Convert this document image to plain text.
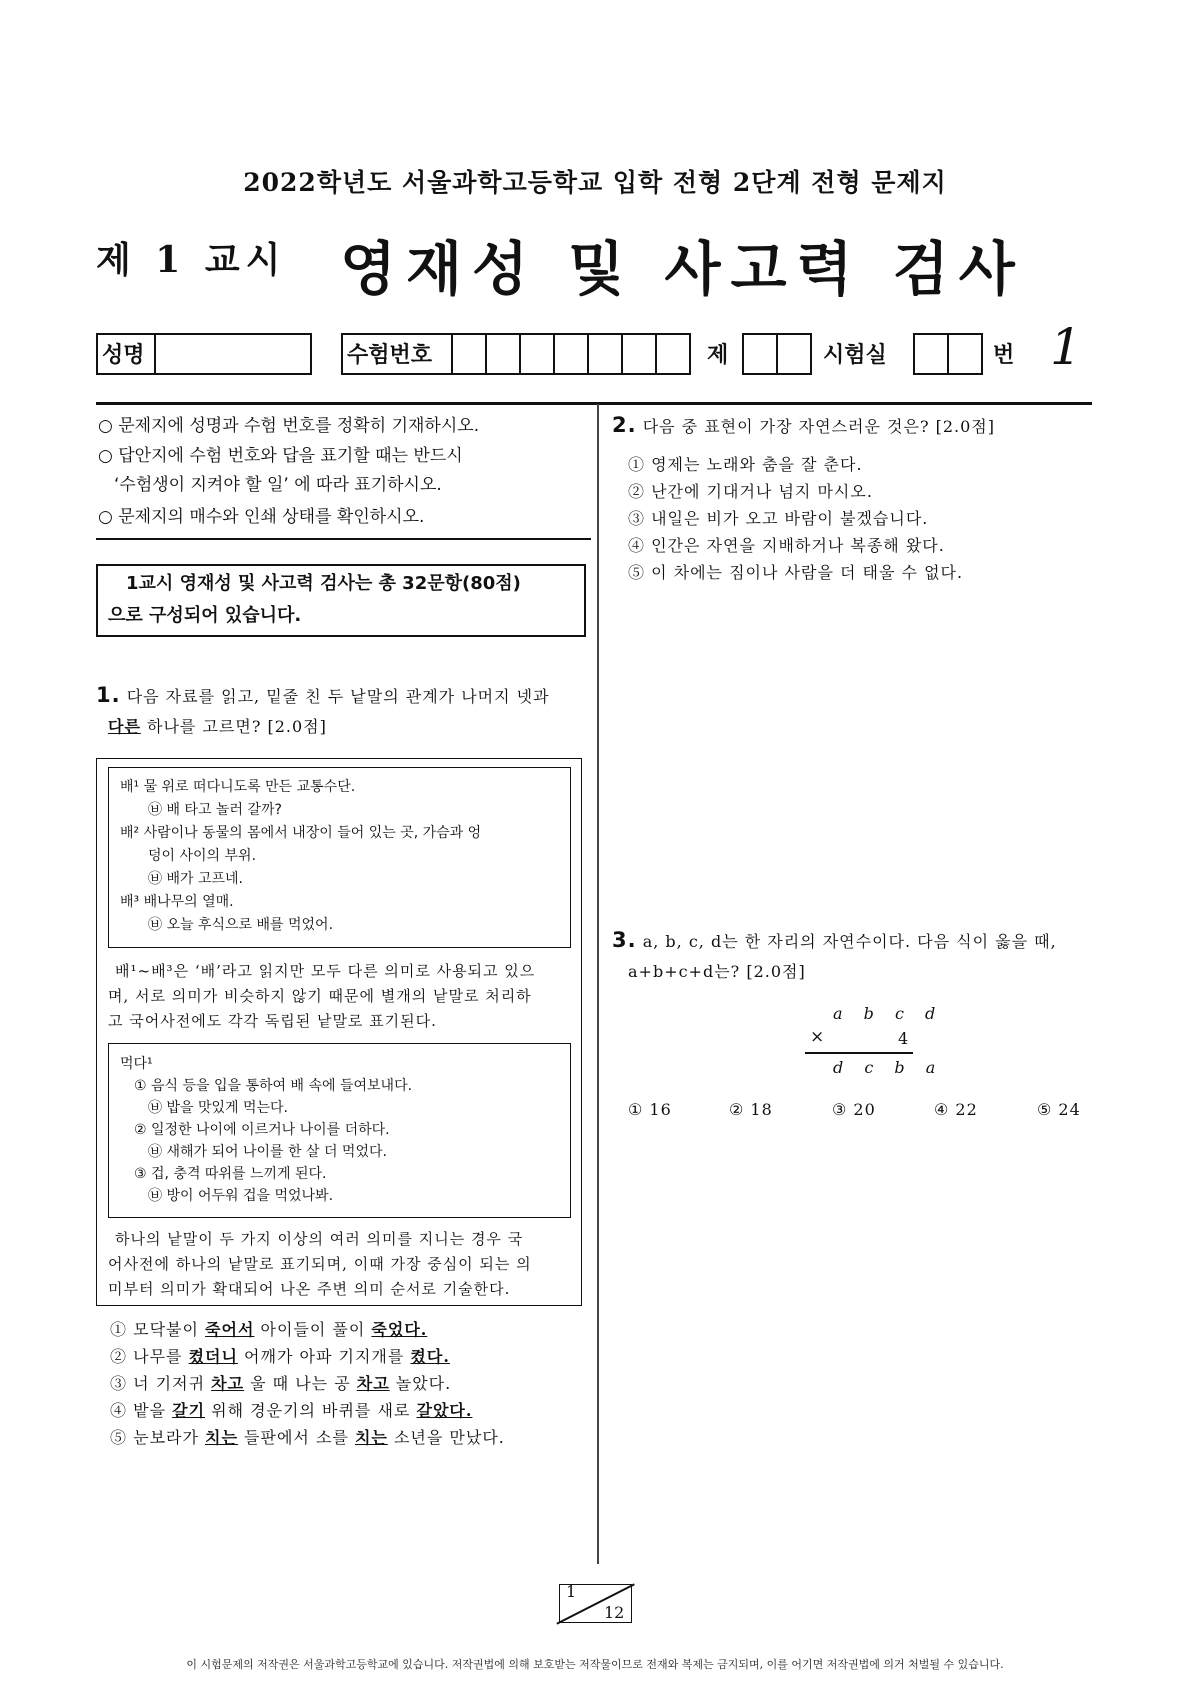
2022학년도 서울과학고등학교 입학 전형 2단계 전형 문제지
제 1 교시 영재성 및 사고력 검사
성명	수험번호	제	시험실	번 1
○ 문제지에 성명과 수험 번호를 정확히 기재하시오.
○ 답안지에 수험 번호와 답을 표기할 때는 반드시
‘수험생이 지켜야 할 일’ 에 따라 표기하시오.
○ 문제지의 매수와 인쇄 상태를 확인하시오.
1교시 영재성 및 사고력 검사는 총 32문항(80점)
으로 구성되어 있습니다.
1. 다음 자료를 읽고, 밑줄 친 두 낱말의 관계가 나머지 넷과
다른 하나를 고르면? [2.0점]
배¹ 물 위로 떠다니도록 만든 교통수단.
㉥ 배 타고 놀러 갈까?
배² 사람이나 동물의 몸에서 내장이 들어 있는 곳, 가슴과 엉
덩이 사이의 부위.
㉥ 배가 고프네.
배³ 배나무의 열매.
㉥ 오늘 후식으로 배를 먹었어.
배¹~배³은 ‘배’라고 읽지만 모두 다른 의미로 사용되고 있으
며, 서로 의미가 비슷하지 않기 때문에 별개의 낱말로 처리하
고 국어사전에도 각각 독립된 낱말로 표기된다.
먹다¹
① 음식 등을 입을 통하여 배 속에 들여보내다.
㉥ 밥을 맛있게 먹는다.
② 일정한 나이에 이르거나 나이를 더하다.
㉥ 새해가 되어 나이를 한 살 더 먹었다.
③ 겁, 충격 따위를 느끼게 된다.
㉥ 방이 어두워 겁을 먹었나봐.
하나의 낱말이 두 가지 이상의 여러 의미를 지니는 경우 국
어사전에 하나의 낱말로 표기되며, 이때 가장 중심이 되는 의
미부터 의미가 확대되어 나온 주변 의미 순서로 기술한다.
① 모닥불이 죽어서 아이들이 풀이 죽었다.
② 나무를 켰더니 어깨가 아파 기지개를 켰다.
③ 너 기저귀 차고 울 때 나는 공 차고 놀았다.
④ 밭을 갈기 위해 경운기의 바퀴를 새로 갈았다.
⑤ 눈보라가 치는 들판에서 소를 치는 소년을 만났다.
2. 다음 중 표현이 가장 자연스러운 것은? [2.0점]
① 영제는 노래와 춤을 잘 춘다.
② 난간에 기대거나 넘지 마시오.
③ 내일은 비가 오고 바람이 불겠습니다.
④ 인간은 자연을 지배하거나 복종해 왔다.
⑤ 이 차에는 짐이나 사람을 더 태울 수 없다.
3. a, b, c, d는 한 자리의 자연수이다. 다음 식이 옳을 때,
a+b+c+d는? [2.0점]
a b c d
×	4
d c b a
① 16	② 18	③ 20	④ 22	⑤ 24
1
12
이 시험문제의 저작권은 서울과학고등학교에 있습니다. 저작권법에 의해 보호받는 저작물이므로 전재와 복제는 금지되며, 이를 어기면 저작권법에 의거 처벌될 수 있습니다.
